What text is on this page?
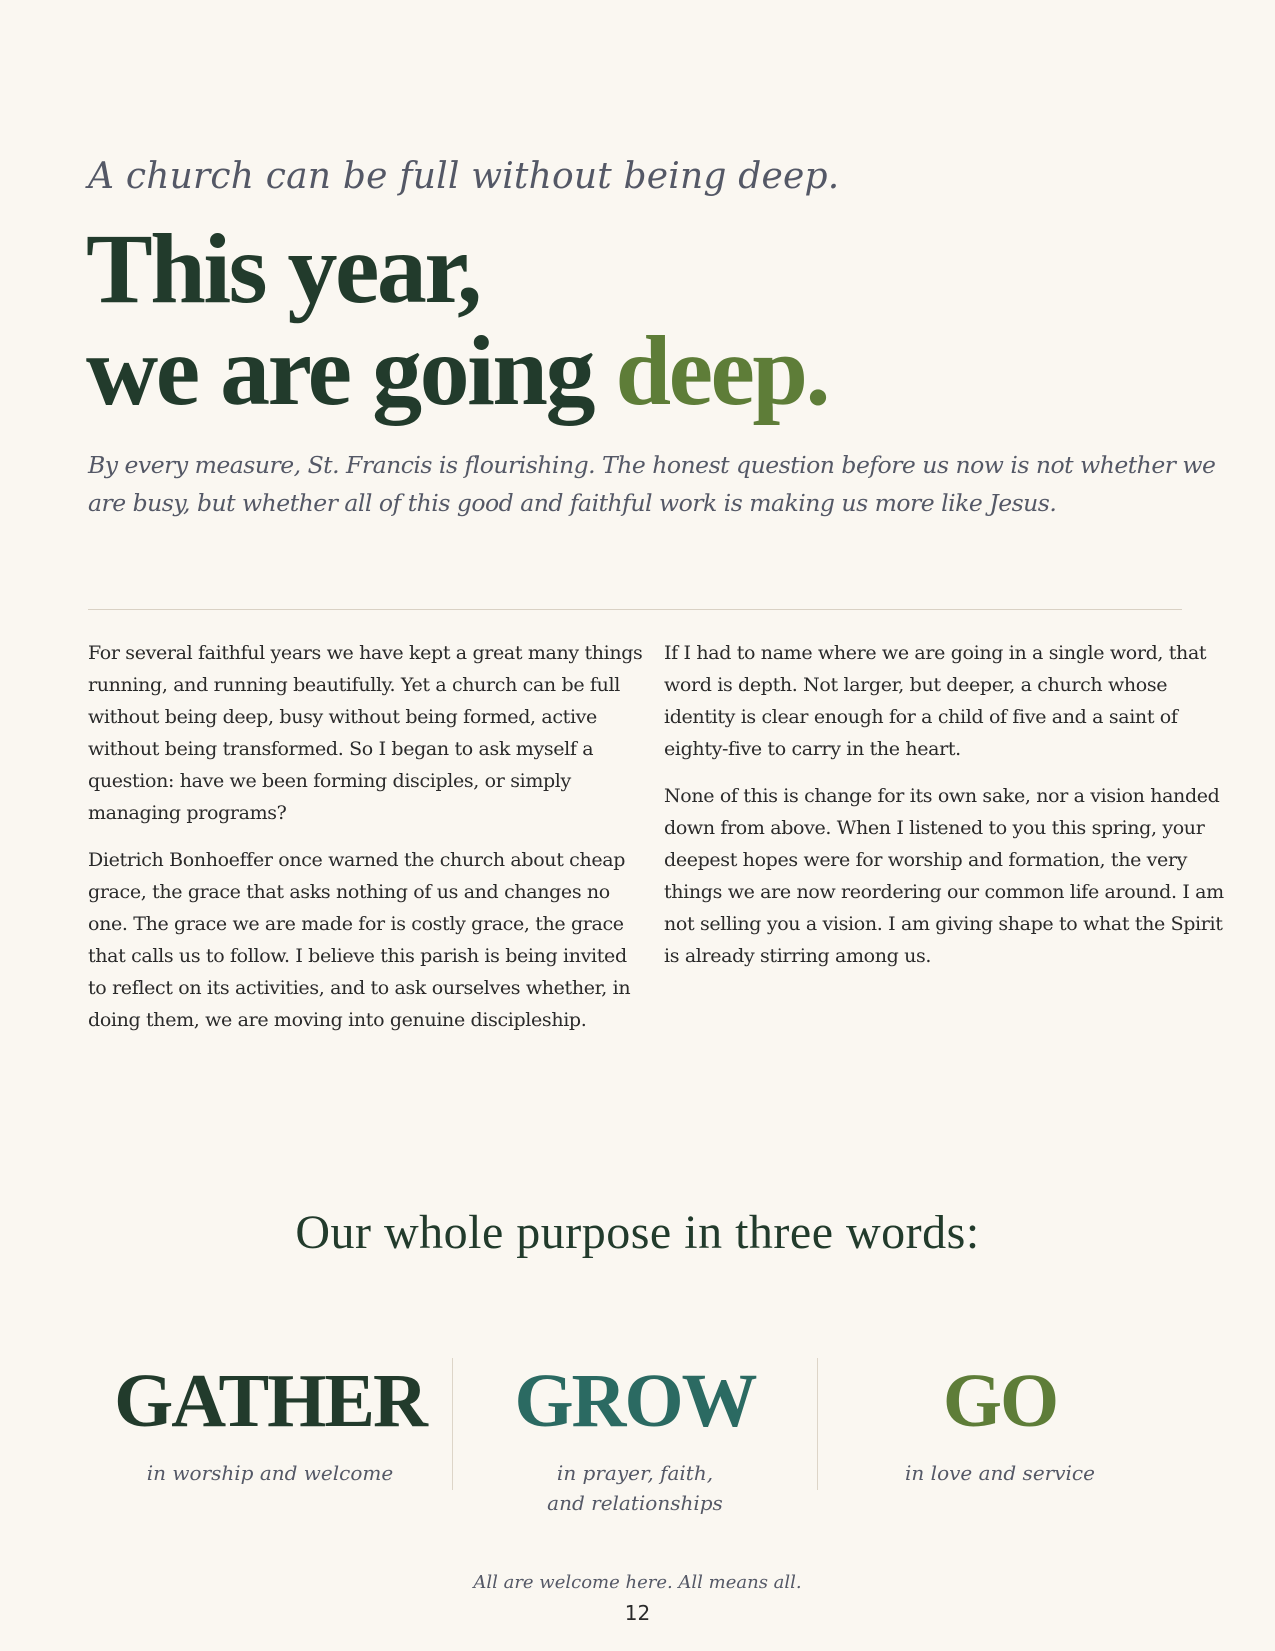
A church can be full without being deep.
This year,
we are going deep.

By every measure, St. Francis is flourishing. The honest question before us now is not whether we are busy, but whether all of this good and faithful work is making us more like Jesus.

For several faithful years we have kept a great many things running, and running beautifully. Yet a church can be full without being deep, busy without being formed, active without being transformed. So I began to ask myself a question: have we been forming disciples, or simply managing programs?

Dietrich Bonhoeffer once warned the church about cheap grace, the grace that asks nothing of us and changes no one. The grace we are made for is costly grace, the grace that calls us to follow. I believe this parish is being invited to reflect on its activities, and to ask ourselves whether, in doing them, we are moving into genuine discipleship.

If I had to name where we are going in a single word, that word is depth. Not larger, but deeper, a church whose identity is clear enough for a child of five and a saint of eighty-five to carry in the heart.

None of this is change for its own sake, nor a vision handed down from above. When I listened to you this spring, your deepest hopes were for worship and formation, the very things we are now reordering our common life around. I am not selling you a vision. I am giving shape to what the Spirit is already stirring among us.

Our whole purpose in three words:
GATHER
in worship and welcome
GROW
in prayer, faith,
and relationships
GO
in love and service
All are welcome here. All means all.
12
